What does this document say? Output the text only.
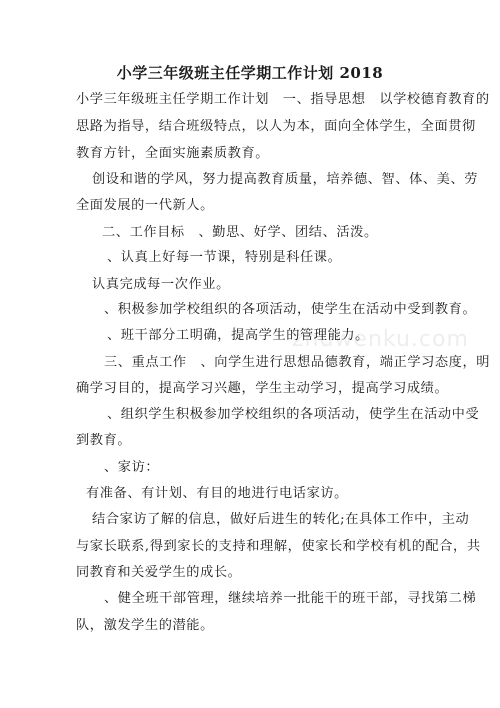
小学三年级班主任学期工作计划 2018
小学三年级班主任学期工作计划　一、指导思想　以学校德育教育的
思路为指导，结合班级特点，以人为本，面向全体学生，全面贯彻
教育方针，全面实施素质教育。
创设和谐的学风，努力提高教育质量，培养德、智、体、美、劳
全面发展的一代新人。
二、工作目标　、勤思、好学、团结、活泼。
、认真上好每一节课，特别是科任课。
认真完成每一次作业。
、积极参加学校组织的各项活动，使学生在活动中受到教育。
、班干部分工明确，提高学生的管理能力。
三、重点工作　、向学生进行思想品德教育，端正学习态度，明
确学习目的，提高学习兴趣，学生主动学习，提高学习成绩。
、组织学生积极参加学校组织的各项活动，使学生在活动中受
到教育。
、家访：
有准备、有计划、有目的地进行电话家访。
结合家访了解的信息，做好后进生的转化;在具体工作中，主动
与家长联系,得到家长的支持和理解，使家长和学校有机的配合，共
同教育和关爱学生的成长。
、健全班干部管理，继续培养一批能干的班干部，寻找第二梯
队，激发学生的潜能。
zhuwenku.com
